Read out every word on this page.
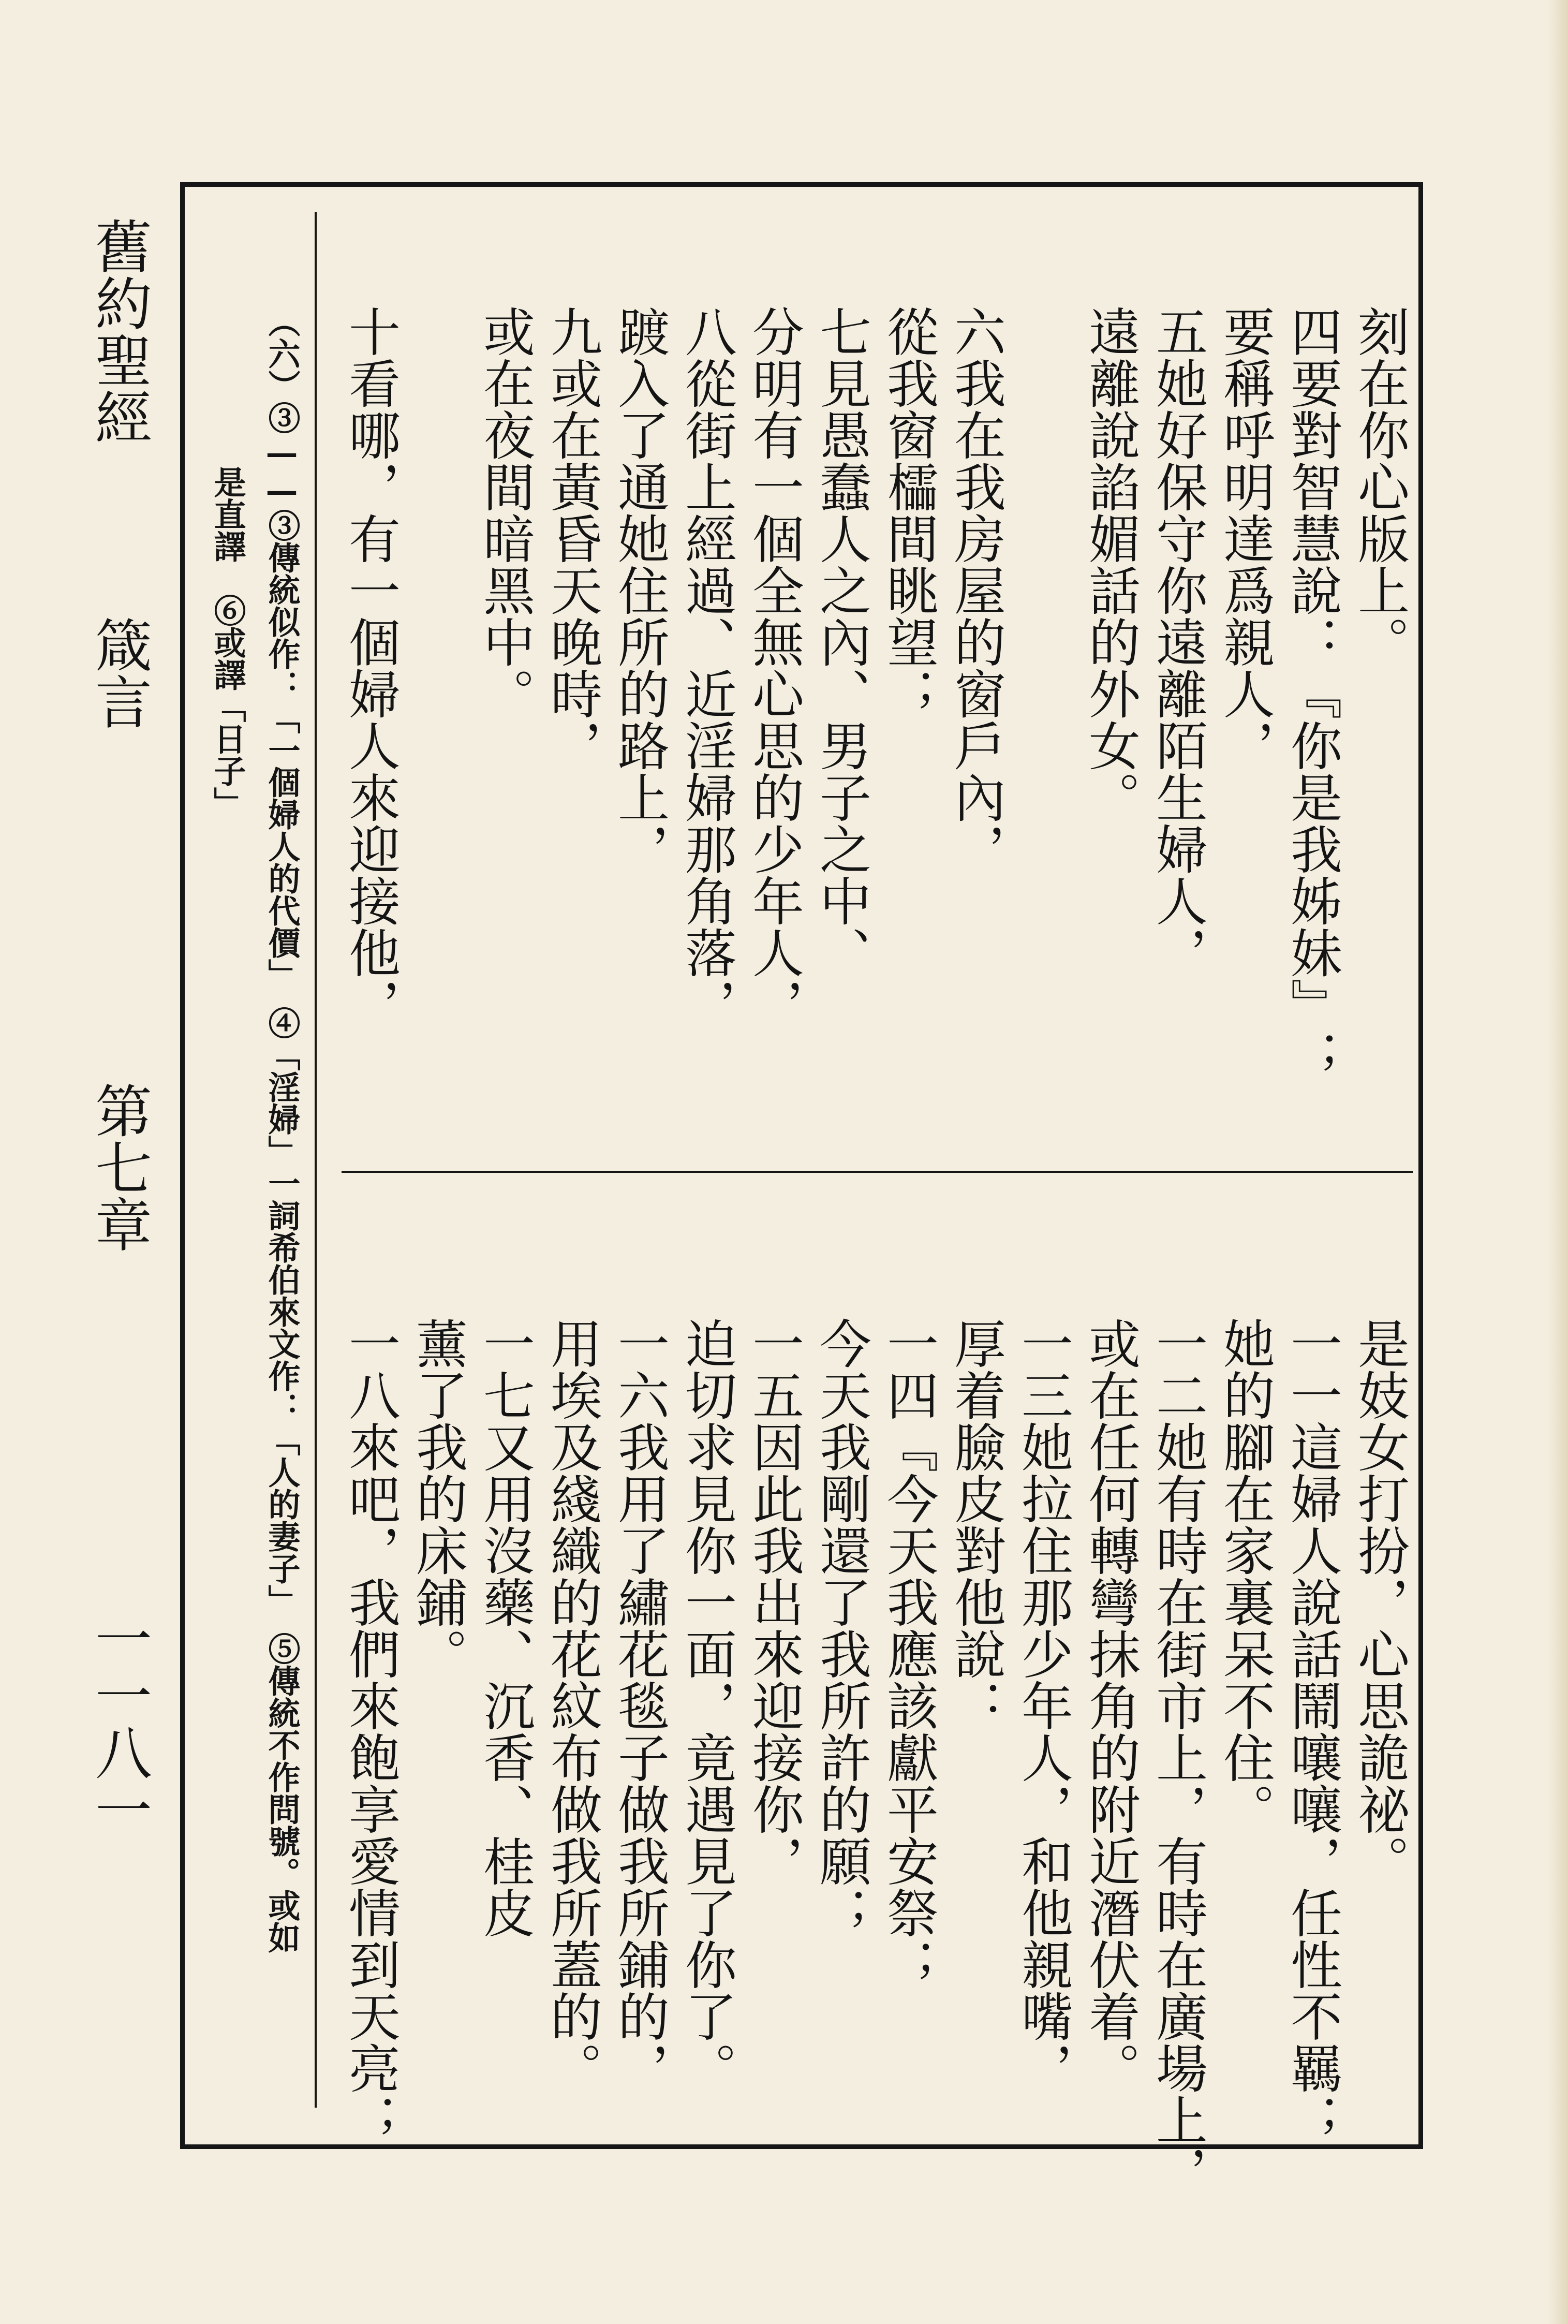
舊約聖經
箴言
第七章
一一八一
刻在你心版上。
四要對智慧說：『你是我姊妹』；
要稱呼明達爲親人，
五她好保守你遠離陌生婦人，
遠離說諂媚話的外女。
六我在我房屋的窗戶內，
從我窗櫺間眺望；
七見愚蠢人之內、男子之中、
分明有一個全無心思的少年人，
八從街上經過、近淫婦那角落，
踱入了通她住所的路上，
九或在黃昏天晚時，
或在夜間暗黑中。
十看哪，有一個婦人來迎接他，
是妓女打扮，心思詭祕。
一一這婦人說話鬧嚷嚷，任性不羈；
她的腳在家裏呆不住。
一二她有時在街市上，有時在廣場上，
或在任何轉彎抹角的附近潛伏着。
一三她拉住那少年人，和他親嘴，
厚着臉皮對他說：
一四『今天我應該獻平安祭；
今天我剛還了我所許的願；
一五因此我出來迎接你，
迫切求見你一面，竟遇見了你了。
一六我用了繡花毯子做我所鋪的，
用埃及綫織的花紋布做我所蓋的。
一七又用沒藥、沉香、桂皮
薰了我的床鋪。
一八來吧，我們來飽享愛情到天亮；
（六）③——③傳統似作：「一個婦人的代價」　④「淫婦」一詞希伯來文作：「人的妻子」　⑤傳統不作問號。或如
是直譯　⑥或譯「日子」
